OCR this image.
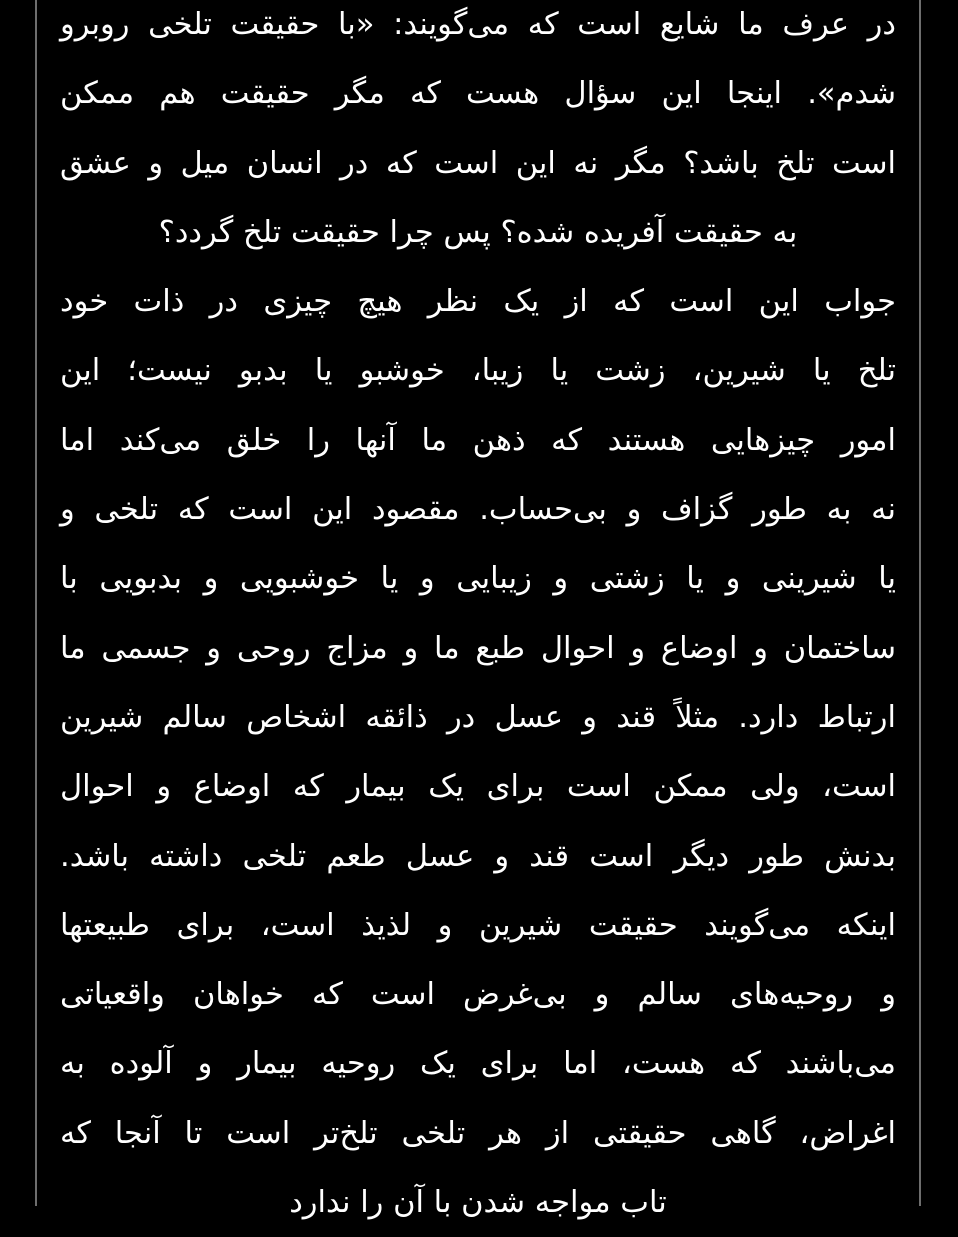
در عرف ما شایع است که می‌گویند: «با حقیقت تلخی روبرو
شدم». اینجا این سؤال هست که مگر حقیقت هم ممکن
است تلخ باشد؟ مگر نه این است که در انسان میل و عشق
به حقیقت آفریده شده؟ پس چرا حقیقت تلخ گردد؟
جواب این است که از یک نظر هیچ چیزی در ذات خود
تلخ یا شیرین، زشت یا زیبا، خوشبو یا بدبو نیست؛ این
امور چیزهایی هستند که ذهن ما آنها را خلق می‌کند اما
نه به طور گزاف و بی‌حساب. مقصود این است که تلخی و
یا شیرینی و یا زشتی و زیبایی و یا خوشبویی و بدبویی با
ساختمان و اوضاع و احوال طبع ما و مزاج روحی و جسمی ما
ارتباط دارد. مثلاً قند و عسل در ذائقه اشخاص سالم شیرین
است، ولی ممکن است برای یک بیمار که اوضاع و احوال
بدنش طور دیگر است قند و عسل طعم تلخی داشته باشد.
اینکه می‌گویند حقیقت شیرین و لذیذ است، برای طبیعتها
و روحیه‌های سالم و بی‌غرض است که خواهان واقعیاتی
می‌باشند که هست، اما برای یک روحیه بیمار و آلوده به
اغراض، گاهی حقیقتی از هر تلخی تلخ‌تر است تا آنجا که
تاب مواجه شدن با آن را ندارد
